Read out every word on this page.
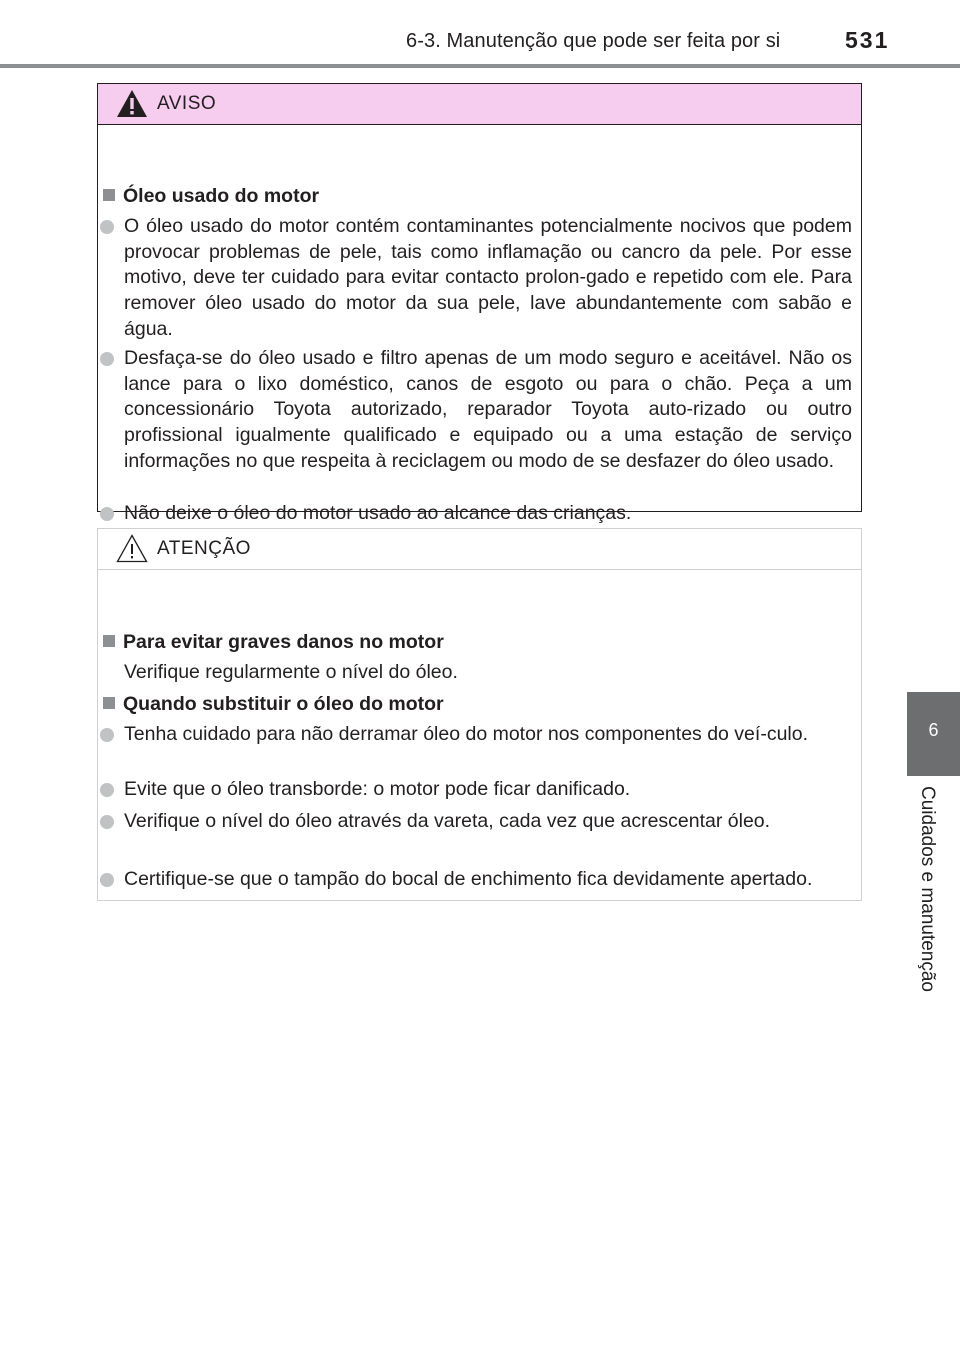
6-3. Manutenção que pode ser feita por si	531
6
Cuidados e manutenção
AVISO
Óleo usado do motor
O óleo usado do motor contém contaminantes potencialmente nocivos que podem provocar problemas de pele, tais como inflamação ou cancro da pele. Por esse motivo, deve ter cuidado para evitar contacto prolon-gado e repetido com ele. Para remover óleo usado do motor da sua pele, lave abundantemente com sabão e água.
Desfaça-se do óleo usado e filtro apenas de um modo seguro e aceitável. Não os lance para o lixo doméstico, canos de esgoto ou para o chão. Peça a um concessionário Toyota autorizado, reparador Toyota auto-rizado ou outro profissional igualmente qualificado e equipado ou a uma estação de serviço informações no que respeita à reciclagem ou modo de se desfazer do óleo usado.
Não deixe o óleo do motor usado ao alcance das crianças.
ATENÇÃO
Para evitar graves danos no motor
Verifique regularmente o nível do óleo.
Quando substituir o óleo do motor
Tenha cuidado para não derramar óleo do motor nos componentes do veí-culo.
Evite que o óleo transborde: o motor pode ficar danificado.
Verifique o nível do óleo através da vareta, cada vez que acrescentar óleo.
Certifique-se que o tampão do bocal de enchimento fica devidamente apertado.
